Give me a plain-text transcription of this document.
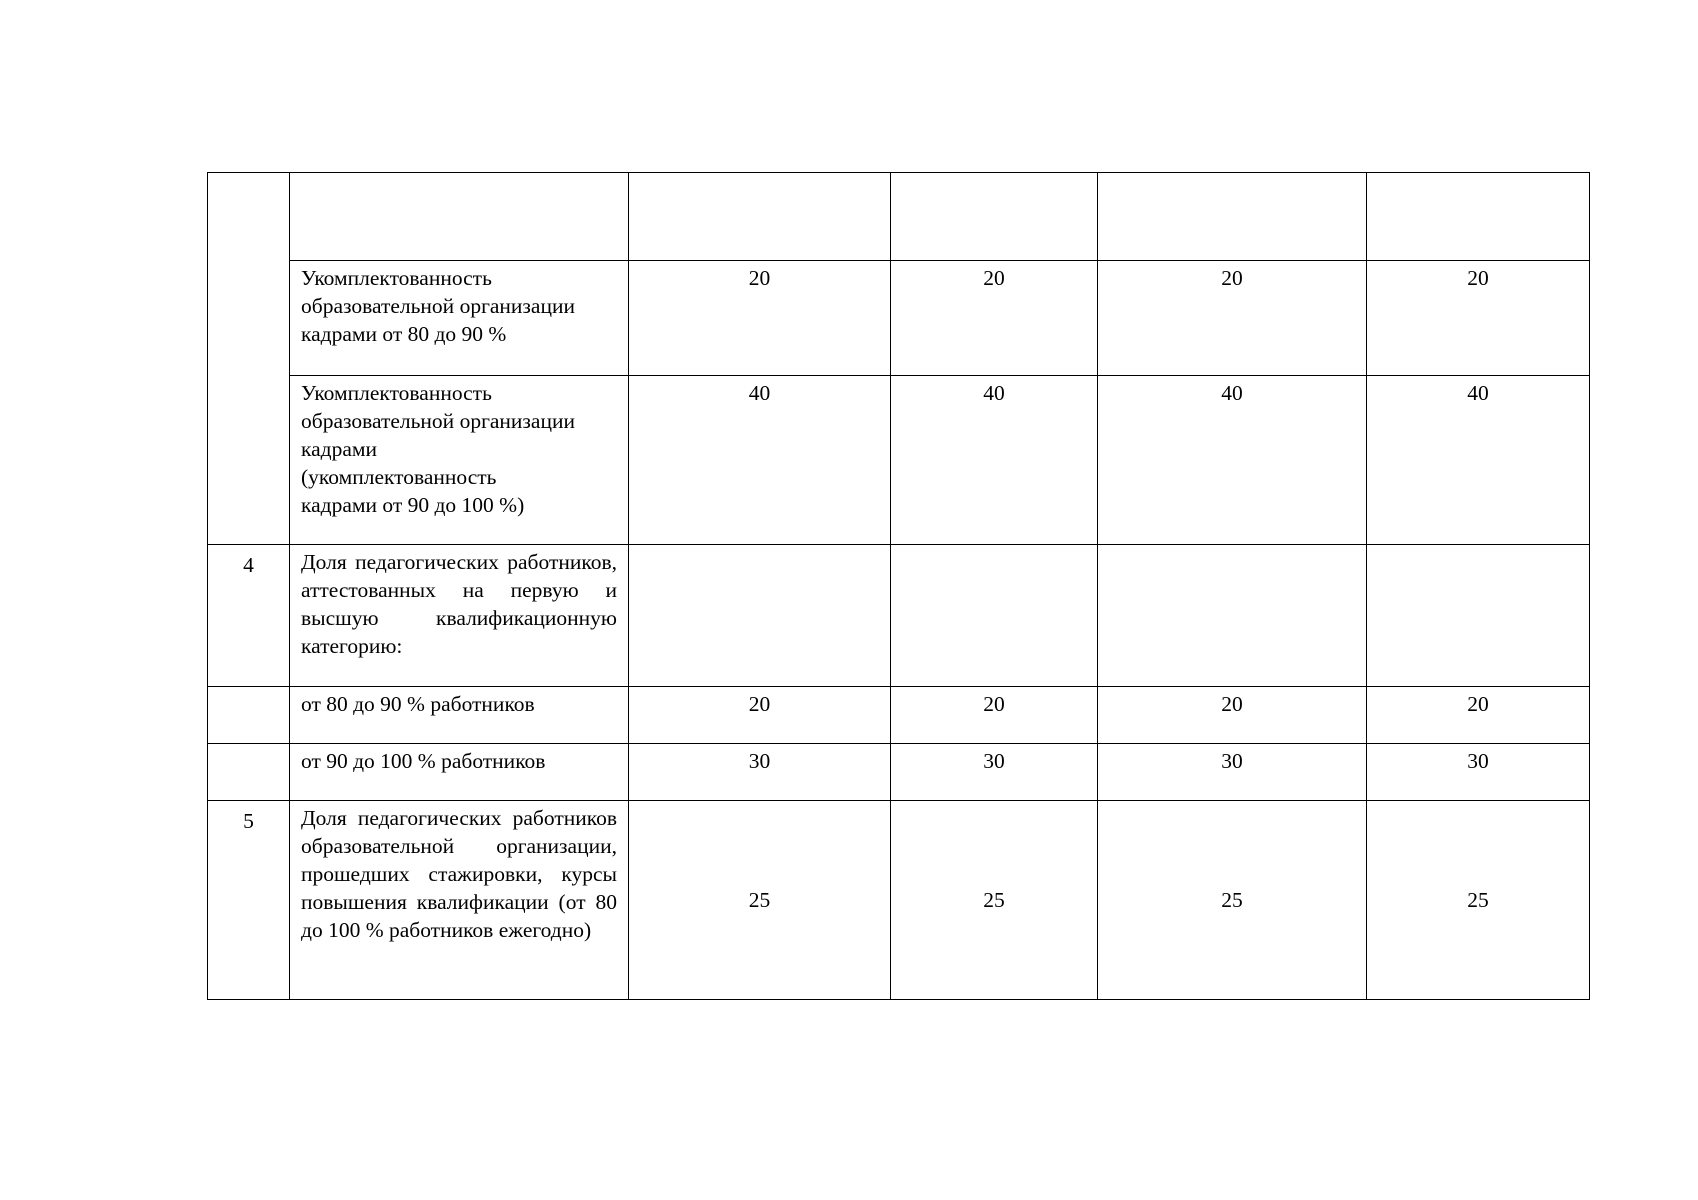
	Укомплектованность
образовательной организации
кадрами от 80 до 90 %	20	20	20	20

	Укомплектованность
образовательной организации
кадрами
(укомплектованность
кадрами от 90 до 100 %)	40	40	40	40

4	Доля педагогических работников, аттестованных на первую и высшую квалификационную категорию:	

	от 80 до 90 % работников	20	20	20	20

	от 90 до 100 % работников	30	30	30	30

5	Доля педагогических работников образовательной организации, прошедших стажировки, курсы повышения квалификации (от 80 до 100 % работников ежегодно)	25	25	25	25
